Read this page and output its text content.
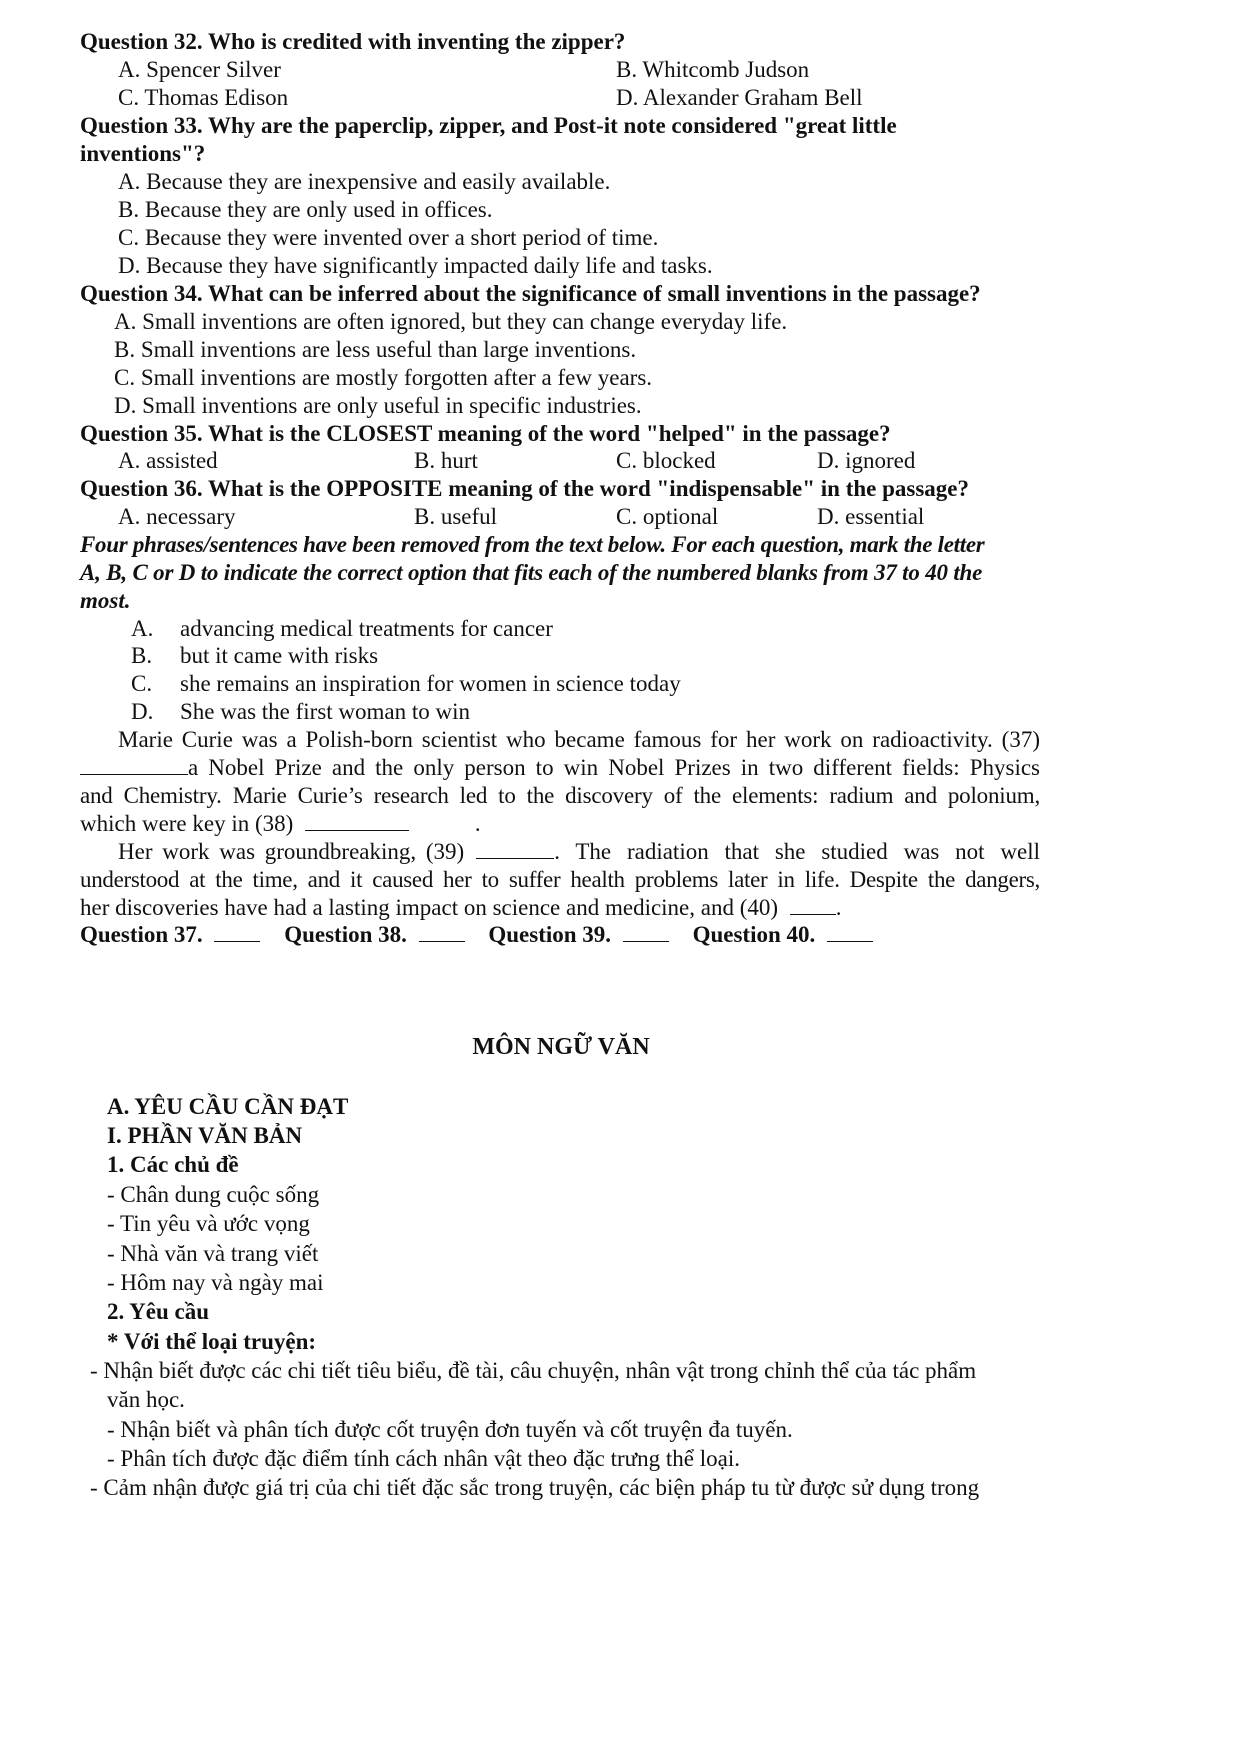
Question 32. Who is credited with inventing the zipper?
A. Spencer Silver	B. Whitcomb Judson
C. Thomas Edison	D. Alexander Graham Bell
Question 33. Why are the paperclip, zipper, and Post-it note considered "great little
inventions"?
A. Because they are inexpensive and easily available.
B. Because they are only used in offices.
C. Because they were invented over a short period of time.
D. Because they have significantly impacted daily life and tasks.
Question 34. What can be inferred about the significance of small inventions in the passage?
A. Small inventions are often ignored, but they can change everyday life.
B. Small inventions are less useful than large inventions.
C. Small inventions are mostly forgotten after a few years.
D. Small inventions are only useful in specific industries.
Question 35. What is the CLOSEST meaning of the word "helped" in the passage?
A. assisted	B. hurt	C. blocked	D. ignored
Question 36. What is the OPPOSITE meaning of the word "indispensable" in the passage?
A. necessary	B. useful	C. optional	D. essential
Four phrases/sentences have been removed from the text below. For each question, mark the letter
A, B, C or D to indicate the correct option that fits each of the numbered blanks from 37 to 40 the
most.
A. advancing medical treatments for cancer
B. but it came with risks
C. she remains an inspiration for women in science today
D. She was the first woman to win
Marie Curie was a Polish-born scientist who became famous for her work on radioactivity. (37)
a Nobel Prize and the only person to win Nobel Prizes in two different fields: Physics
and Chemistry. Marie Curie’s research led to the discovery of the elements: radium and polonium,
which were key in (38)	.
Her work was groundbreaking, (39)	. The radiation that she studied was not well
understood at the time, and it caused her to suffer health problems later in life. Despite the dangers,
her discoveries have had a lasting impact on science and medicine, and (40)	.
Question 37.	Question 38.	Question 39.	Question 40.
MÔN NGỮ VĂN
A. YÊU CẦU CẦN ĐẠT
I. PHẦN VĂN BẢN
1. Các chủ đề
- Chân dung cuộc sống
- Tin yêu và ước vọng
- Nhà văn và trang viết
- Hôm nay và ngày mai
2. Yêu cầu
* Với thể loại truyện:
- Nhận biết được các chi tiết tiêu biểu, đề tài, câu chuyện, nhân vật trong chỉnh thể của tác phẩm
văn học.
- Nhận biết và phân tích được cốt truyện đơn tuyến và cốt truyện đa tuyến.
- Phân tích được đặc điểm tính cách nhân vật theo đặc trưng thể loại.
- Cảm nhận được giá trị của chi tiết đặc sắc trong truyện, các biện pháp tu từ được sử dụng trong
